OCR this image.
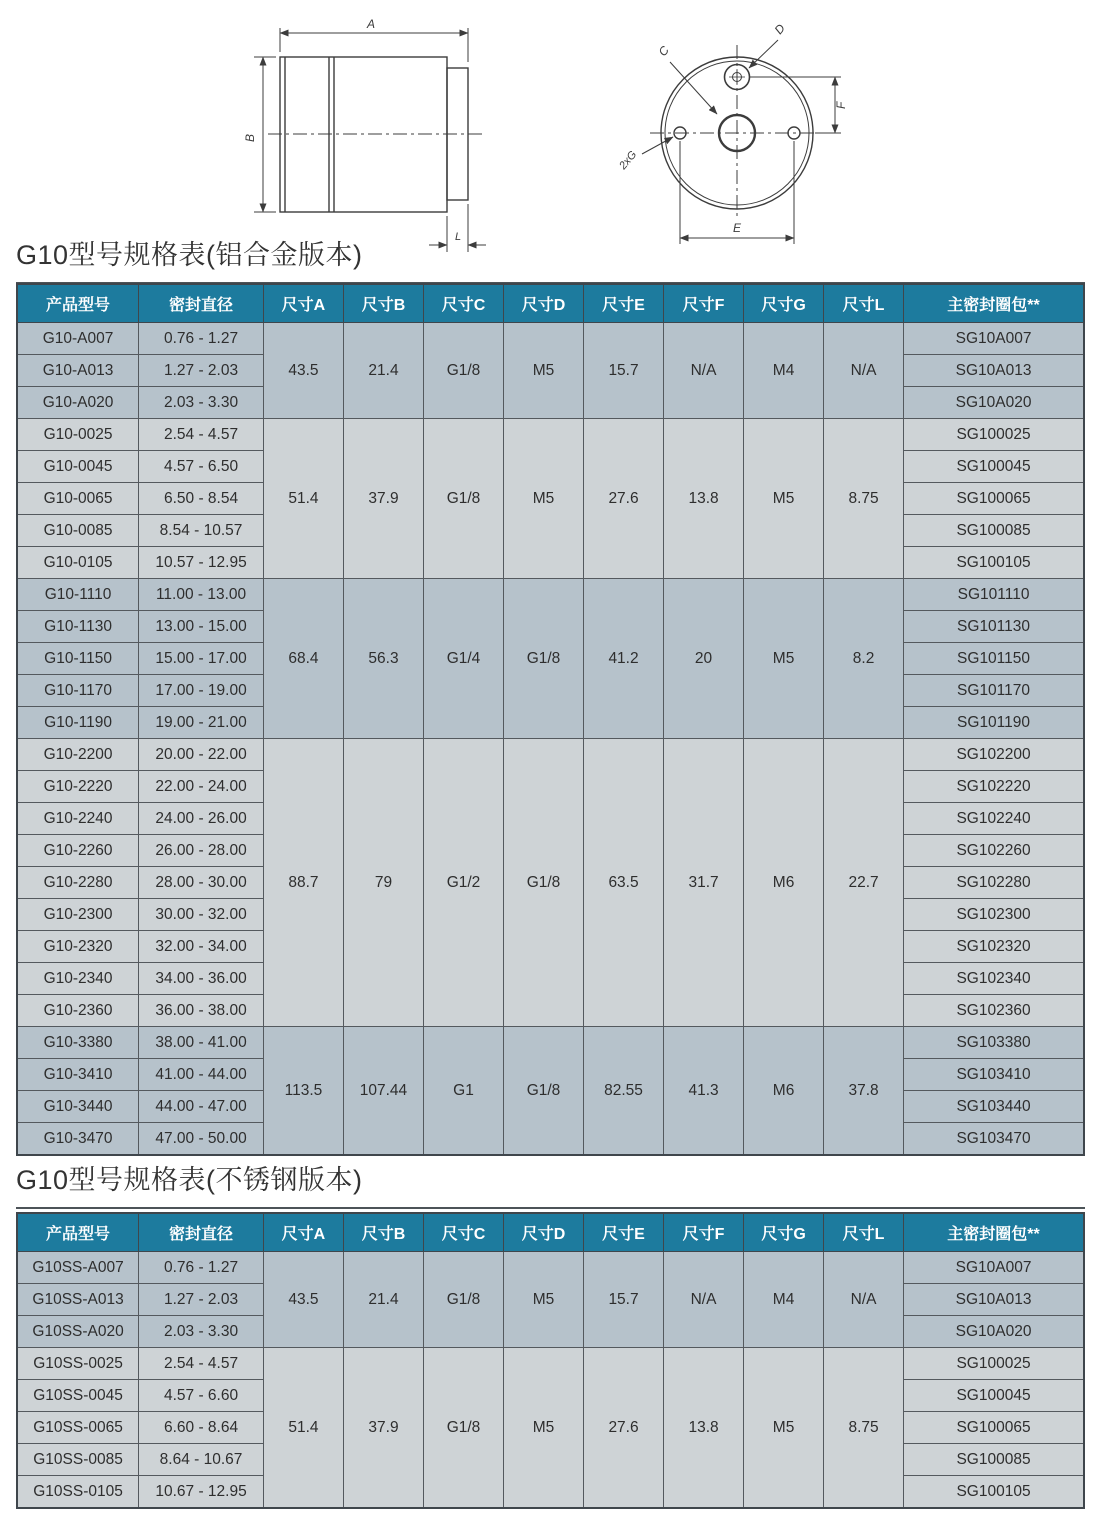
A
B
L
C
D
F
E
2xG
G10型号规格表(铝合金版本)
产品型号	密封直径	尺寸A	尺寸B	尺寸C	尺寸D	尺寸E	尺寸F	尺寸G	尺寸L	主密封圈包**
G10-A007	0.76 - 1.27	43.5	21.4	G1/8	M5	15.7	N/A	M4	N/A	SG10A007
G10-A013	1.27 - 2.03									SG10A013
G10-A020	2.03 - 3.30									SG10A020
G10-0025	2.54 - 4.57	51.4	37.9	G1/8	M5	27.6	13.8	M5	8.75	SG100025
G10-0045	4.57 - 6.50									SG100045
G10-0065	6.50 - 8.54									SG100065
G10-0085	8.54 - 10.57									SG100085
G10-0105	10.57 - 12.95									SG100105
G10-1110	11.00 - 13.00	68.4	56.3	G1/4	G1/8	41.2	20	M5	8.2	SG101110
G10-1130	13.00 - 15.00									SG101130
G10-1150	15.00 - 17.00									SG101150
G10-1170	17.00 - 19.00									SG101170
G10-1190	19.00 - 21.00									SG101190
G10-2200	20.00 - 22.00	88.7	79	G1/2	G1/8	63.5	31.7	M6	22.7	SG102200
G10-2220	22.00 - 24.00									SG102220
G10-2240	24.00 - 26.00									SG102240
G10-2260	26.00 - 28.00									SG102260
G10-2280	28.00 - 30.00									SG102280
G10-2300	30.00 - 32.00									SG102300
G10-2320	32.00 - 34.00									SG102320
G10-2340	34.00 - 36.00									SG102340
G10-2360	36.00 - 38.00									SG102360
G10-3380	38.00 - 41.00	113.5	107.44	G1	G1/8	82.55	41.3	M6	37.8	SG103380
G10-3410	41.00 - 44.00									SG103410
G10-3440	44.00 - 47.00									SG103440
G10-3470	47.00 - 50.00									SG103470
G10型号规格表(不锈钢版本)
产品型号	密封直径	尺寸A	尺寸B	尺寸C	尺寸D	尺寸E	尺寸F	尺寸G	尺寸L	主密封圈包**
G10SS-A007	0.76 - 1.27	43.5	21.4	G1/8	M5	15.7	N/A	M4	N/A	SG10A007
G10SS-A013	1.27 - 2.03									SG10A013
G10SS-A020	2.03 - 3.30									SG10A020
G10SS-0025	2.54 - 4.57	51.4	37.9	G1/8	M5	27.6	13.8	M5	8.75	SG100025
G10SS-0045	4.57 - 6.60									SG100045
G10SS-0065	6.60 - 8.64									SG100065
G10SS-0085	8.64 - 10.67									SG100085
G10SS-0105	10.67 - 12.95									SG100105
